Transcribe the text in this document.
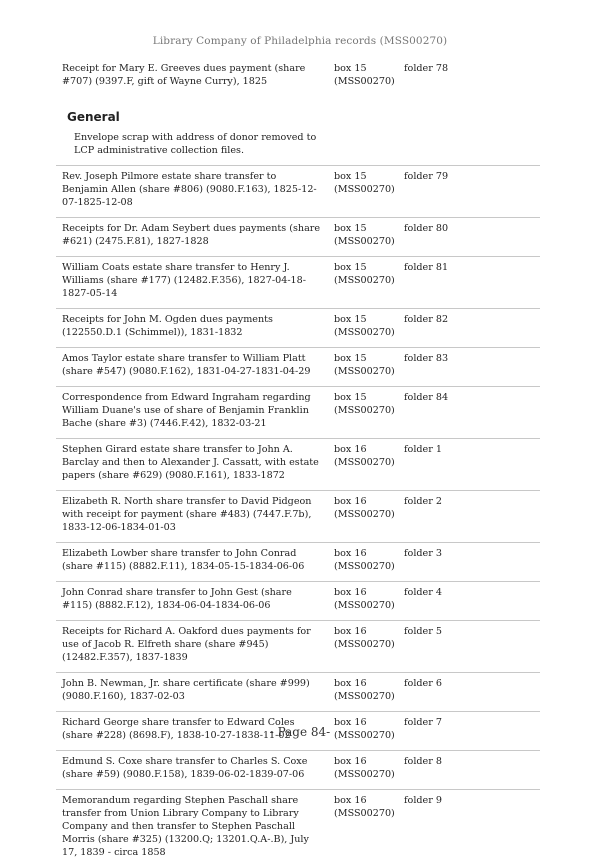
Library Company of Philadelphia records (MSS00270)
Receipt for Mary E. Greeves dues payment (share #707) (9397.F, gift of Wayne Curry), 1825
box 15
(MSS00270)
folder 78
General
Envelope scrap with address of donor removed to LCP administrative collection files.
Rev. Joseph Pilmore estate share transfer to Benjamin Allen (share #806) (9080.F.163), 1825-12-07-1825-12-08
box 15
(MSS00270)
folder 79
Receipts for Dr. Adam Seybert dues payments (share #621) (2475.F.81), 1827-1828
box 15
(MSS00270)
folder 80
William Coats estate share transfer to Henry J. Williams (share #177) (12482.F.356), 1827-04-18-1827-05-14
box 15
(MSS00270)
folder 81
Receipts for John M. Ogden dues payments (122550.D.1 (Schimmel)), 1831-1832
box 15
(MSS00270)
folder 82
Amos Taylor estate share transfer to William Platt (share #547) (9080.F.162), 1831-04-27-1831-04-29
box 15
(MSS00270)
folder 83
Correspondence from Edward Ingraham regarding William Duane's use of share of Benjamin Franklin Bache (share #3) (7446.F.42), 1832-03-21
box 15
(MSS00270)
folder 84
Stephen Girard estate share transfer to John A. Barclay and then to Alexander J. Cassatt, with estate papers (share #629) (9080.F.161), 1833-1872
box 16
(MSS00270)
folder 1
Elizabeth R. North share transfer to David Pidgeon with receipt for payment (share #483) (7447.F.7b), 1833-12-06-1834-01-03
box 16
(MSS00270)
folder 2
Elizabeth Lowber share transfer to John Conrad (share #115) (8882.F.11), 1834-05-15-1834-06-06
box 16
(MSS00270)
folder 3
John Conrad share transfer to John Gest (share #115) (8882.F.12), 1834-06-04-1834-06-06
box 16
(MSS00270)
folder 4
Receipts for Richard A. Oakford dues payments for use of Jacob R. Elfreth share (share #945) (12482.F.357), 1837-1839
box 16
(MSS00270)
folder 5
John B. Newman, Jr. share certificate (share #999) (9080.F.160), 1837-02-03
box 16
(MSS00270)
folder 6
Richard George share transfer to Edward Coles (share #228) (8698.F), 1838-10-27-1838-11-02
box 16
(MSS00270)
folder 7
Edmund S. Coxe share transfer to Charles S. Coxe (share #59) (9080.F.158), 1839-06-02-1839-07-06
box 16
(MSS00270)
folder 8
Memorandum regarding Stephen Paschall share transfer from Union Library Company to Library Company and then transfer to Stephen Paschall Morris (share #325) (13200.Q; 13201.Q.A-.B), July 17, 1839 - circa 1858
box 16
(MSS00270)
folder 9
- Page 84-
